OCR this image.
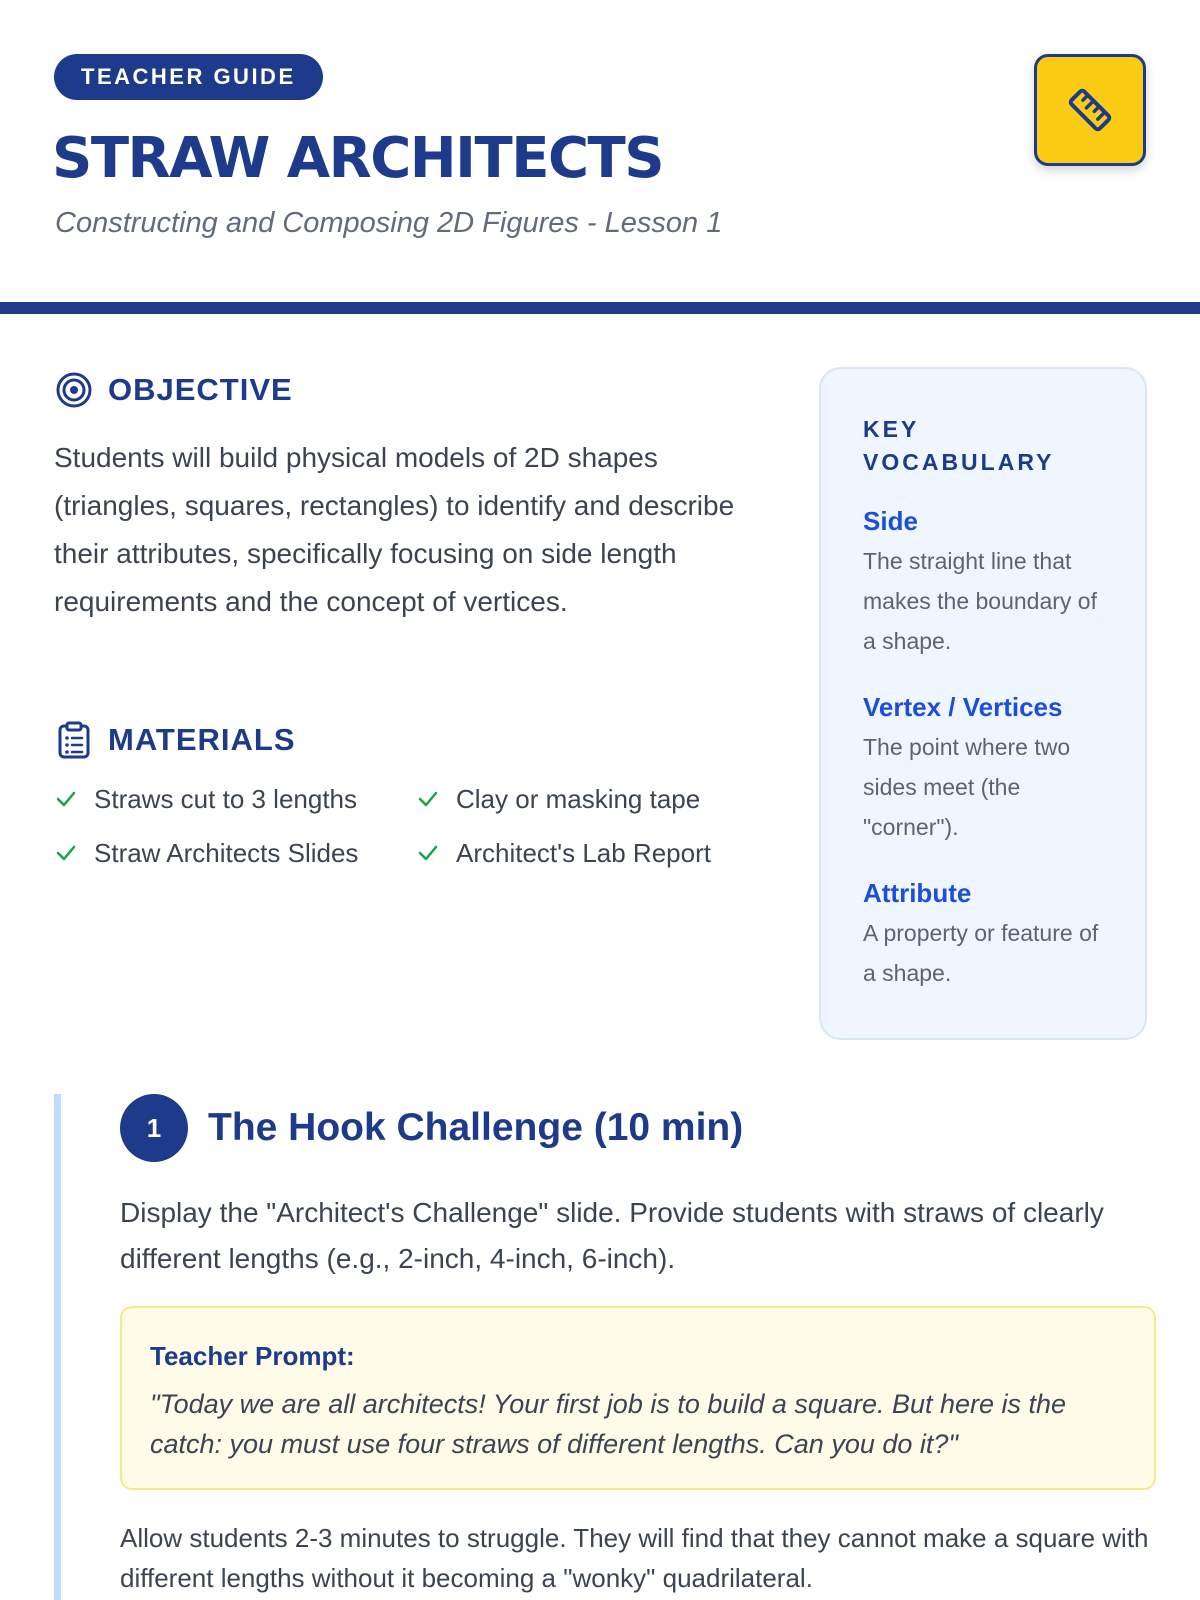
TEACHER GUIDE
STRAW ARCHITECTS
Constructing and Composing 2D Figures - Lesson 1
OBJECTIVE
Students will build physical models of 2D shapes (triangles, squares, rectangles) to identify and describe their attributes, specifically focusing on side length requirements and the concept of vertices.
MATERIALS
Straws cut to 3 lengths	Clay or masking tape
Straw Architects Slides	Architect's Lab Report
KEY VOCABULARY
Side
The straight line that makes the boundary of a shape.
Vertex / Vertices
The point where two sides meet (the "corner").
Attribute
A property or feature of a shape.
1	The Hook Challenge (10 min)
Display the "Architect's Challenge" slide. Provide students with straws of clearly different lengths (e.g., 2-inch, 4-inch, 6-inch).
Teacher Prompt:
"Today we are all architects! Your first job is to build a square. But here is the catch: you must use four straws of different lengths. Can you do it?"
Allow students 2-3 minutes to struggle. They will find that they cannot make a square with different lengths without it becoming a "wonky" quadrilateral.
